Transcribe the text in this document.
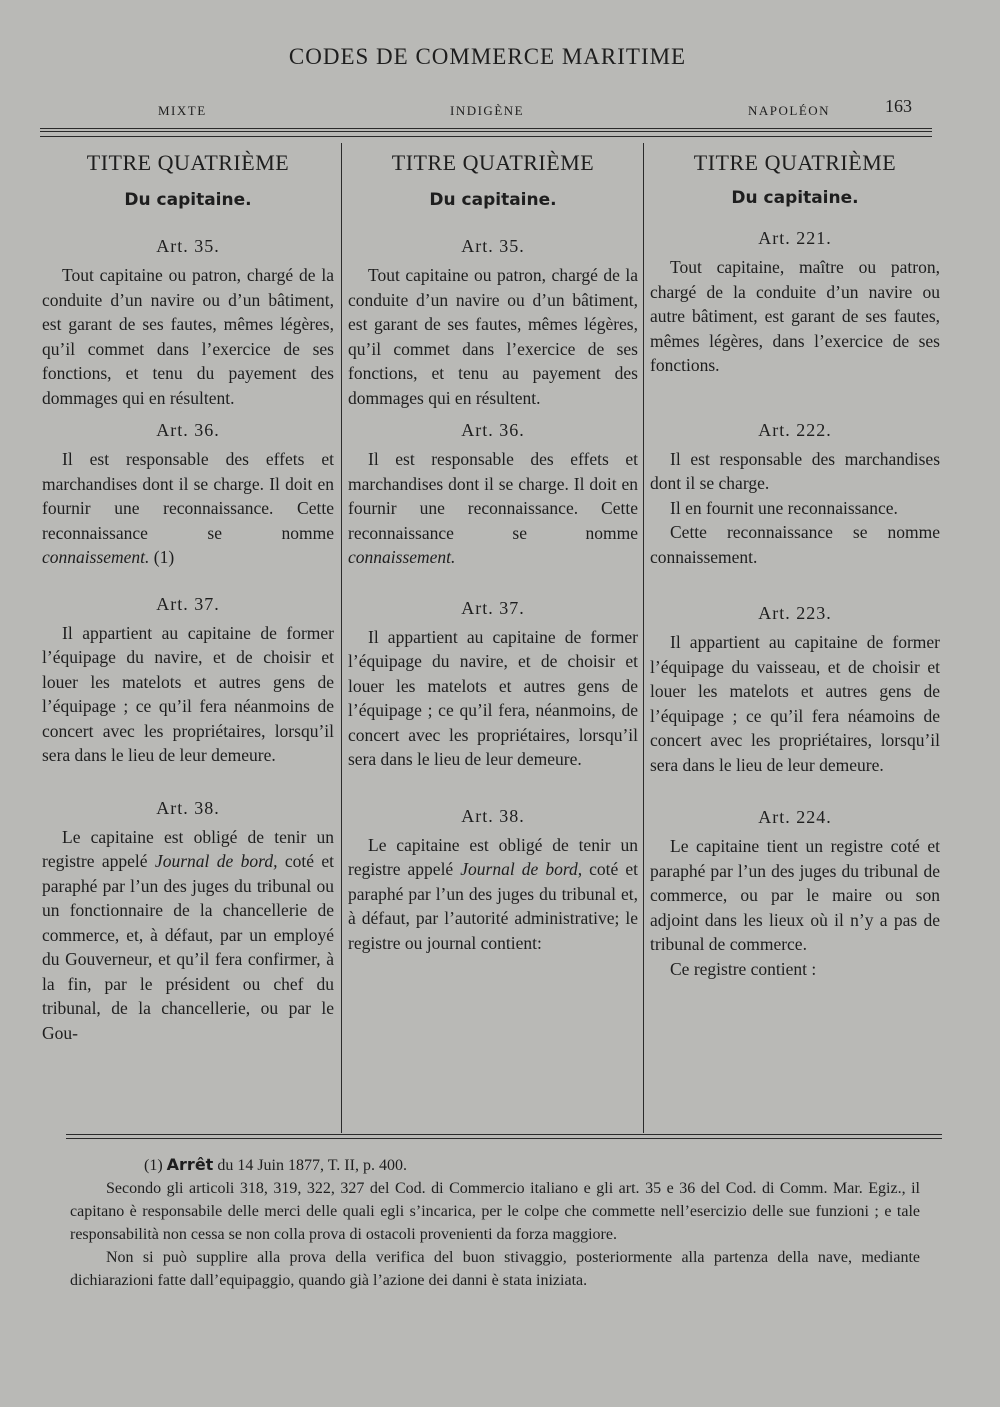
CODES DE COMMERCE MARITIME
MIXTE	INDIGÈNE	NAPOLÉON	163

TITRE QUATRIÈME

Du capitaine.

Art. 35.

Tout capitaine ou patron, chargé de la conduite d’un navire ou d’un bâtiment, est garant de ses fautes, mêmes légères, qu’il commet dans l’exercice de ses fonctions, et tenu du payement des dommages qui en résultent.

Art. 36.

Il est responsable des effets et marchandises dont il se charge. Il doit en fournir une reconnaissance. Cette reconnaissance se nomme connaissement. (1)

Art. 37.

Il appartient au capitaine de former l’équipage du navire, et de choisir et louer les matelots et autres gens de l’équipage ; ce qu’il fera néanmoins de concert avec les propriétaires, lorsqu’il sera dans le lieu de leur demeure.

Art. 38.

Le capitaine est obligé de tenir un registre appelé Journal de bord, coté et paraphé par l’un des juges du tribunal ou un fonctionnaire de la chancellerie de commerce, et, à défaut, par un employé du Gouverneur, et qu’il fera confirmer, à la fin, par le président ou chef du tribunal, de la chancellerie, ou par le Gou-

TITRE QUATRIÈME

Du capitaine.

Art. 35.

Tout capitaine ou patron, chargé de la conduite d’un navire ou d’un bâtiment, est garant de ses fautes, mêmes légères, qu’il commet dans l’exercice de ses fonctions, et tenu au payement des dommages qui en résultent.

Art. 36.

Il est responsable des effets et marchandises dont il se charge. Il doit en fournir une reconnaissance. Cette reconnaissance se nomme connaissement.

Art. 37.

Il appartient au capitaine de former l’équipage du navire, et de choisir et louer les matelots et autres gens de l’équipage ; ce qu’il fera, néanmoins, de concert avec les propriétaires, lorsqu’il sera dans le lieu de leur demeure.

Art. 38.

Le capitaine est obligé de tenir un registre appelé Journal de bord, coté et paraphé par l’un des juges du tribunal et, à défaut, par l’autorité administrative; le registre ou journal contient:

TITRE QUATRIÈME

Du capitaine.

Art. 221.

Tout capitaine, maître ou patron, chargé de la conduite d’un navire ou autre bâtiment, est garant de ses fautes, mêmes légères, dans l’exercice de ses fonctions.

Art. 222.

Il est responsable des marchandises dont il se charge.

Il en fournit une reconnaissance.

Cette reconnaissance se nomme connaissement.

Art. 223.

Il appartient au capitaine de former l’équipage du vaisseau, et de choisir et louer les matelots et autres gens de l’équipage ; ce qu’il fera néamoins de concert avec les propriétaires, lorsqu’il sera dans le lieu de leur demeure.

Art. 224.

Le capitaine tient un registre coté et paraphé par l’un des juges du tribunal de commerce, ou par le maire ou son adjoint dans les lieux où il n’y a pas de tribunal de commerce.

Ce registre contient :

(1) Arrêt du 14 Juin 1877, T. II, p. 400.

Secondo gli articoli 318, 319, 322, 327 del Cod. di Commercio italiano e gli art. 35 e 36 del Cod. di Comm. Mar. Egiz., il capitano è responsabile delle merci delle quali egli s’incarica, per le colpe che commette nell’esercizio delle sue funzioni ; e tale responsabilità non cessa se non colla prova di ostacoli provenienti da forza maggiore.

Non si può supplire alla prova della verifica del buon stivaggio, posteriormente alla partenza della nave, mediante dichiarazioni fatte dall’equipaggio, quando già l’azione dei danni è stata iniziata.
